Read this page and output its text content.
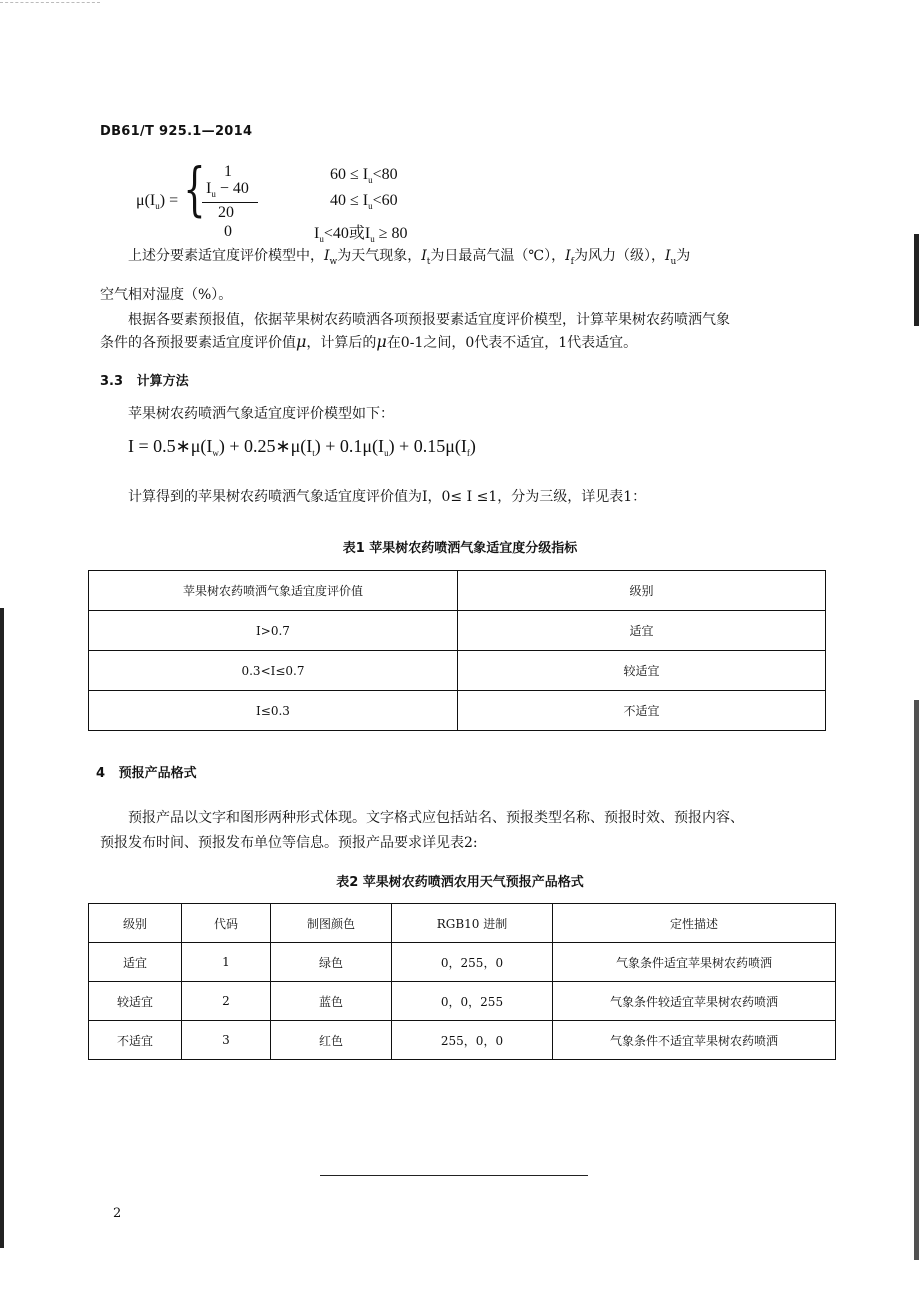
DB61/T 925.1—2014
$\mu(I_u)$ = { 1
$I_u - 40$
20
0
$60 \le I_u<80$
$40 \le I_u<60$
$I_u<40$或$I_u \ge 80$
上述分要素适宜度评价模型中，$I_w$为天气现象，$I_t$为日最高气温（℃），$I_f$为风力（级），$I_u$为
空气相对湿度（%）。
根据各要素预报值，依据苹果树农药喷洒各项预报要素适宜度评价模型，计算苹果树农药喷洒气象
条件的各预报要素适宜度评价值μ，计算后的μ在0-1之间，0代表不适宜，1代表适宜。
3.3 计算方法
苹果树农药喷洒气象适宜度评价模型如下：
$I = 0.5∗\mu(I_w)$ + $0.25∗\mu(I_t) + 0.1\mu(I_u) + 0.15\mu(I_f)$
计算得到的苹果树农药喷洒气象适宜度评价值为I，0≤ I ≤1，分为三级，详见表1：
表1 苹果树农药喷洒气象适宜度分级指标
苹果树农药喷洒气象适宜度评价值	级别
I>0.7	适宜
0.3<I≤0.7	较适宜
I≤0.3	不适宜
4 预报产品格式
预报产品以文字和图形两种形式体现。文字格式应包括站名、预报类型名称、预报时效、预报内容、
预报发布时间、预报发布单位等信息。预报产品要求详见表2:
表2 苹果树农药喷洒农用天气预报产品格式
级别	代码	制图颜色	RGB10 进制	定性描述
适宜	1	绿色	0，255，0	气象条件适宜苹果树农药喷洒
较适宜	2	蓝色	0，0，255	气象条件较适宜苹果树农药喷洒
不适宜	3	红色	255，0，0	气象条件不适宜苹果树农药喷洒
2
